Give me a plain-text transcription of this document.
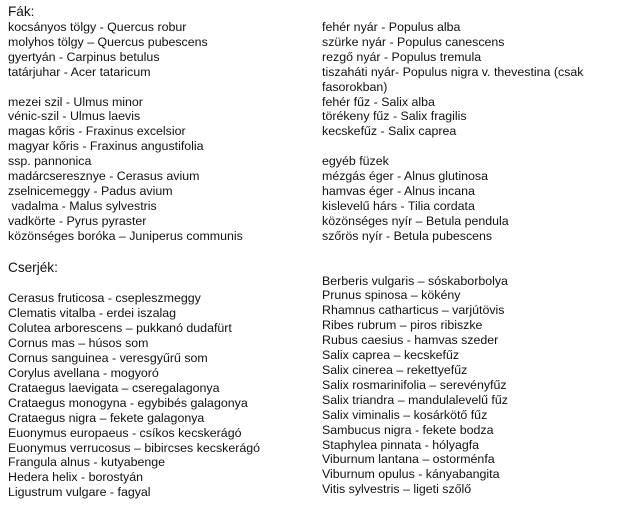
Fák:
kocsányos tölgy - Quercus robur
molyhos tölgy – Quercus pubescens
gyertyán - Carpinus betulus
tatárjuhar - Acer tataricum
mezei szil - Ulmus minor
vénic-szil - Ulmus laevis
magas kőris - Fraxinus excelsior
magyar kőris - Fraxinus angustifolia
ssp. pannonica
madárcseresznye - Cerasus avium
zselnicemeggy - Padus avium
vadalma - Malus sylvestris
vadkörte - Pyrus pyraster
közönséges boróka – Juniperus communis
Cserjék:
Cerasus fruticosa - csepleszmeggy
Clematis vitalba - erdei iszalag
Colutea arborescens – pukkanó dudafürt
Cornus mas – húsos som
Cornus sanguinea - veresgyűrű som
Corylus avellana - mogyoró
Crataegus laevigata – cseregalagonya
Crataegus monogyna - egybibés galagonya
Crataegus nigra – fekete galagonya
Euonymus europaeus - csíkos kecskerágó
Euonymus verrucosus – bibircses kecskerágó
Frangula alnus - kutyabenge
Hedera helix - borostyán
Ligustrum vulgare - fagyal
fehér nyár - Populus alba
szürke nyár - Populus canescens
rezgő nyár - Populus tremula
tiszaháti nyár- Populus nigra v. thevestina (csak fasorokban)
fehér fűz - Salix alba
törékeny fűz - Salix fragilis
kecskefűz - Salix caprea
egyéb füzek
mézgás éger - Alnus glutinosa
hamvas éger - Alnus incana
kislevelű hárs - Tilia cordata
közönséges nyír – Betula pendula
szőrös nyír - Betula pubescens
Berberis vulgaris – sóskaborbolya
Prunus spinosa – kökény
Rhamnus catharticus – varjútövis
Ribes rubrum – piros ribiszke
Rubus caesius - hamvas szeder
Salix caprea – kecskefűz
Salix cinerea – rekettyefűz
Salix rosmarinifolia – serevényfűz
Salix triandra – mandulalevelű fűz
Salix viminalis – kosárkötő fűz
Sambucus nigra - fekete bodza
Staphylea pinnata - hólyagfa
Viburnum lantana – ostorménfa
Viburnum opulus - kányabangita
Vitis sylvestris – ligeti szőlő
